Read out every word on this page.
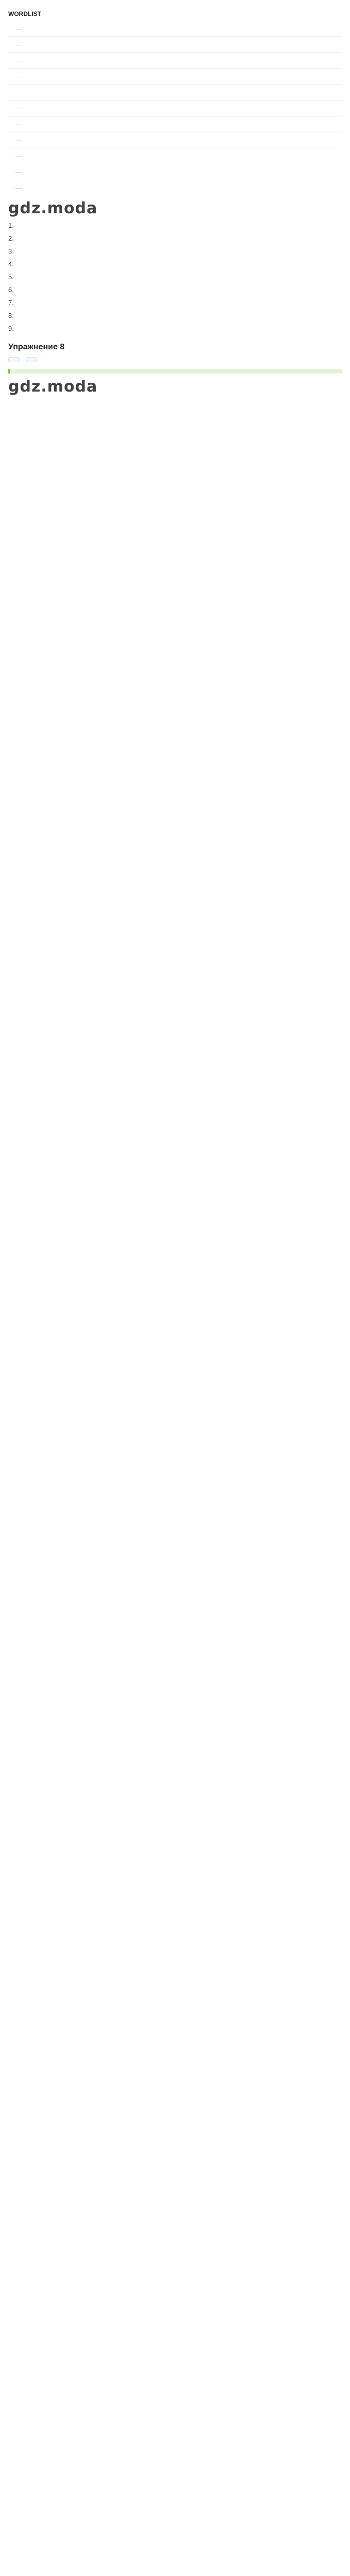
WORDLIST
—
—
—
—
—
—
—
—
—
—
—
gdz.moda
1.
2.
3.
4.
5.
6.
7.
8.
9.
Упражнение 8

gdz.moda
